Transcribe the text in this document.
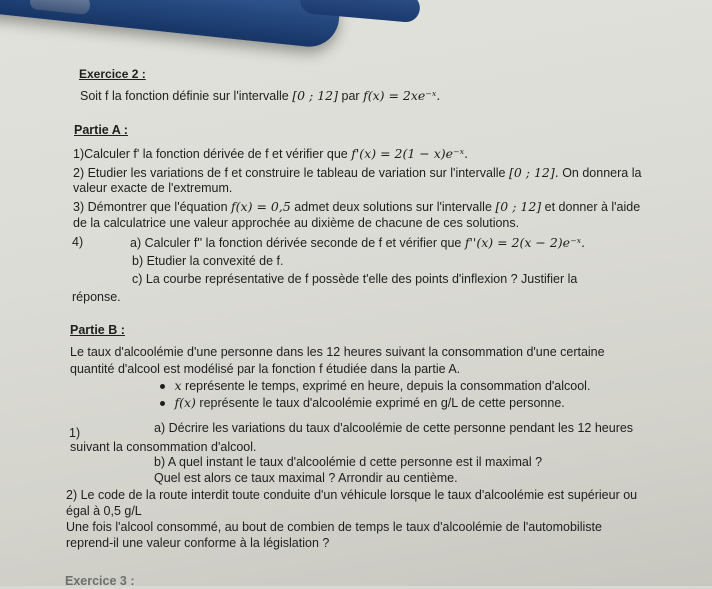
Exercice 2 :
Soit f la fonction définie sur l'intervalle [0 ; 12] par f(x) = 2xe⁻ˣ.
Partie A :
1)Calculer f' la fonction dérivée de f et vérifier que f'(x) = 2(1 − x)e⁻ˣ.
2) Etudier les variations de f et construire le tableau de variation sur l'intervalle [0 ; 12]. On donnera la
valeur exacte de l'extremum.
3) Démontrer que l'équation f(x) = 0,5 admet deux solutions sur l'intervalle [0 ; 12] et donner à l'aide
de la calculatrice une valeur approchée au dixième de chacune de ces solutions.
4)	a) Calculer f'' la fonction dérivée seconde de f et vérifier que f''(x) = 2(x − 2)e⁻ˣ.
b) Etudier la convexité de f.
c) La courbe représentative de f possède t'elle des points d'inflexion ? Justifier la
réponse.
Partie B :
Le taux d'alcoolémie d'une personne dans les 12 heures suivant la consommation d'une certaine
quantité d'alcool est modélisé par la fonction f étudiée dans la partie A.
x représente le temps, exprimé en heure, depuis la consommation d'alcool.
f(x) représente le taux d'alcoolémie exprimé en g/L de cette personne.
1)	a) Décrire les variations du taux d'alcoolémie de cette personne pendant les 12 heures
suivant la consommation d'alcool.
b) A quel instant le taux d'alcoolémie d cette personne est il maximal ?
Quel est alors ce taux maximal ? Arrondir au centième.
2) Le code de la route interdit toute conduite d'un véhicule lorsque le taux d'alcoolémie est supérieur ou
égal à 0,5 g/L
Une fois l'alcool consommé, au bout de combien de temps le taux d'alcoolémie de l'automobiliste
reprend-il une valeur conforme à la législation ?
Exercice 3 :
